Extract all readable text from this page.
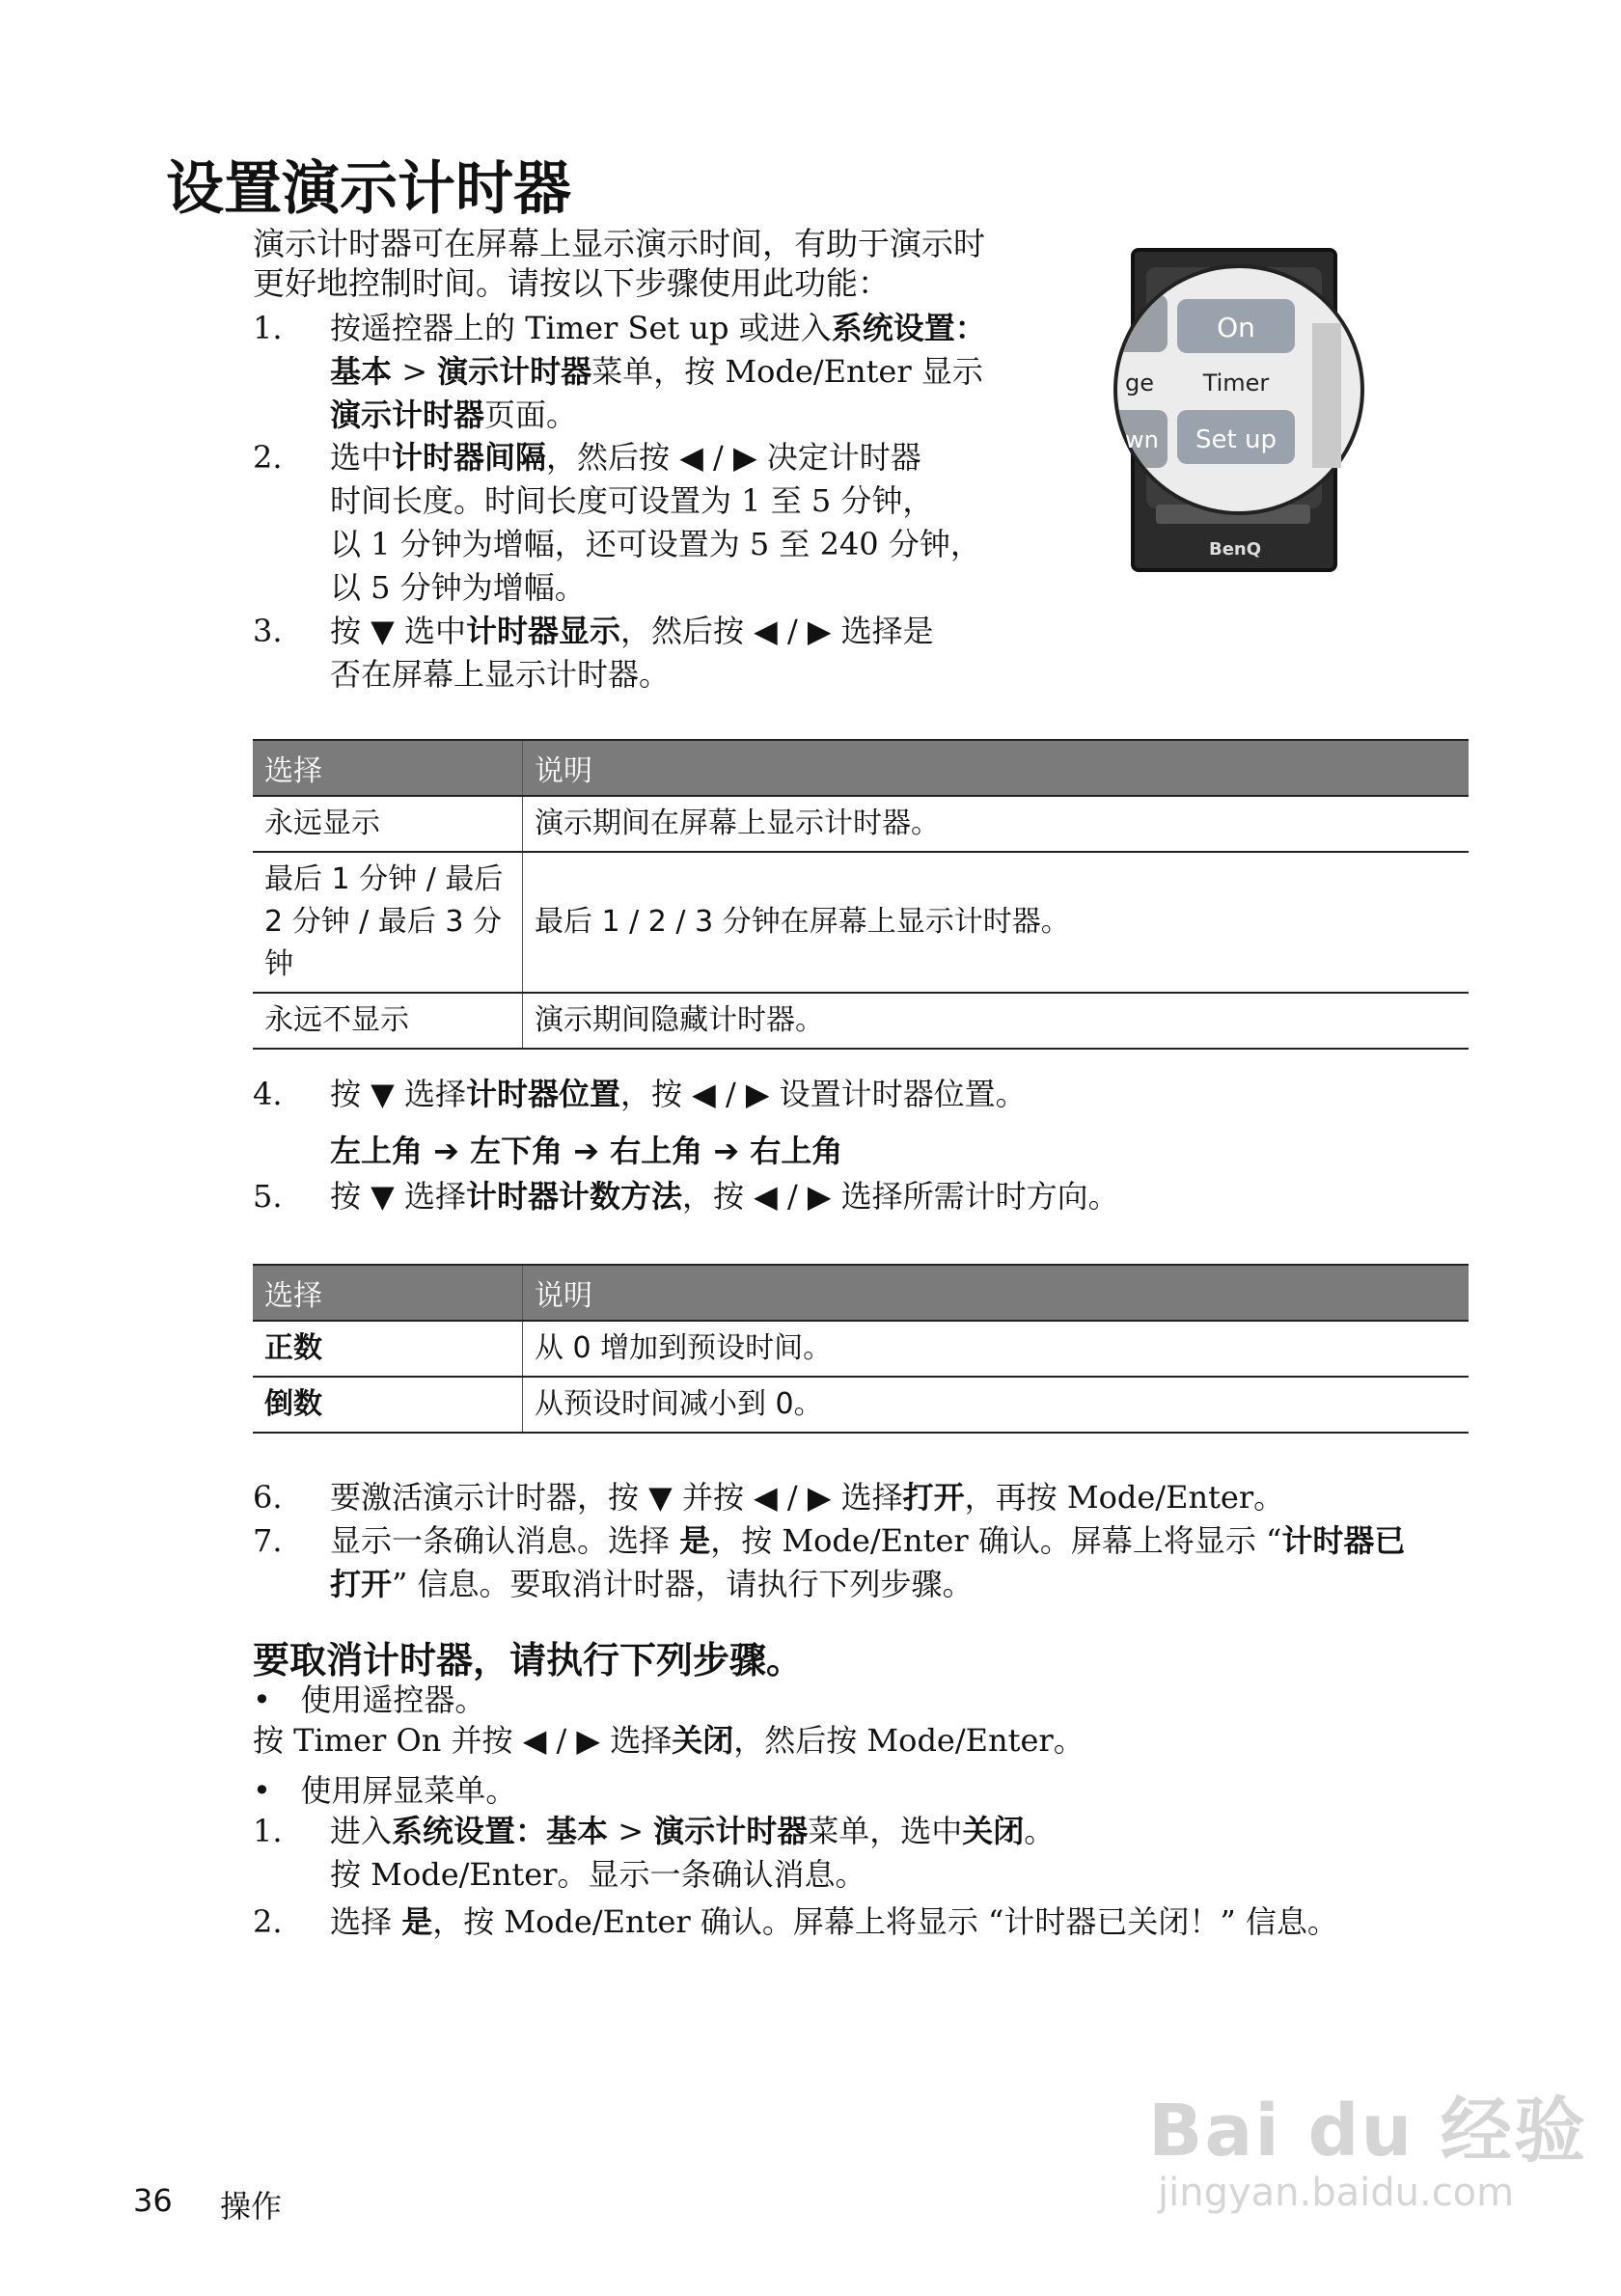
设置演示计时器
演示计时器可在屏幕上显示演示时间，有助于演示时更好地控制时间。请按以下步骤使用此功能：
On
Timer
Set up
ge
wn
BenQ
1.	按遥控器上的 Timer Set up 或进入系统设置：
基本 > 演示计时器菜单，按 Mode/Enter 显示
演示计时器页面。
2.	选中计时器间隔，然后按 ◀ / ▶ 决定计时器
时间长度。时间长度可设置为 1 至 5 分钟，
以 1 分钟为增幅，还可设置为 5 至 240 分钟，
以 5 分钟为增幅。
3.	按 ▼ 选中计时器显示，然后按 ◀ / ▶ 选择是
否在屏幕上显示计时器。
选择	说明
永远显示	演示期间在屏幕上显示计时器。
最后 1 分钟 / 最后 2 分钟 / 最后 3 分钟	最后 1 / 2 / 3 分钟在屏幕上显示计时器。
永远不显示	演示期间隐藏计时器。
4.	按 ▼ 选择计时器位置，按 ◀ / ▶ 设置计时器位置。
左上角 ➔ 左下角 ➔ 右上角 ➔ 右上角
5.	按 ▼ 选择计时器计数方法，按 ◀ / ▶ 选择所需计时方向。
选择	说明
正数	从 0 增加到预设时间。
倒数	从预设时间减小到 0。
6.	要激活演示计时器，按 ▼ 并按 ◀ / ▶ 选择打开，再按 Mode/Enter。
7.	显示一条确认消息。选择 是，按 Mode/Enter 确认。屏幕上将显示 “计时器已
打开” 信息。要取消计时器，请执行下列步骤。
要取消计时器，请执行下列步骤。
•   使用遥控器。
按 Timer On 并按 ◀ / ▶ 选择关闭，然后按 Mode/Enter。
•   使用屏显菜单。
1.	进入系统设置：基本 > 演示计时器菜单，选中关闭。
按 Mode/Enter。显示一条确认消息。
2.	选择 是，按 Mode/Enter 确认。屏幕上将显示 “计时器已关闭！” 信息。
36 操作
Bai du 经验
jingyan.baidu.com
